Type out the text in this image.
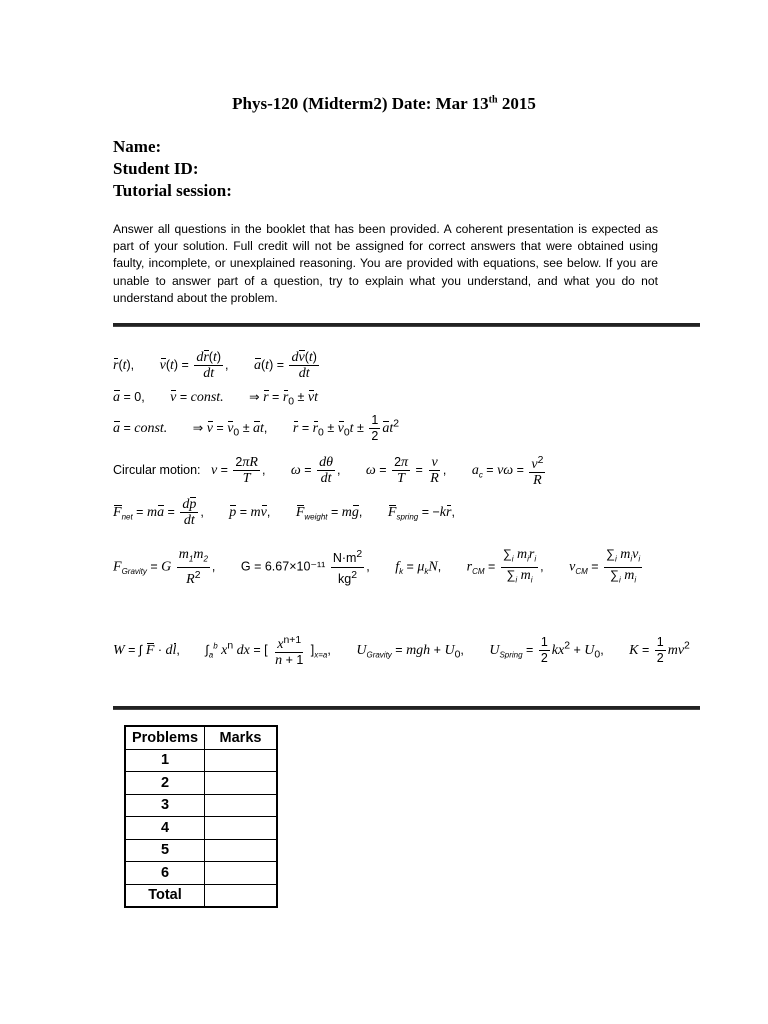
Phys-120 (Midterm2) Date: Mar 13th 2015
Name:
Student ID:
Tutorial session:
Answer all questions in the booklet that has been provided. A coherent presentation is expected as part of your solution. Full credit will not be assigned for correct answers that were obtained using faulty, incomplete, or unexplained reasoning. You are provided with equations, see below. If you are unable to answer part of a question, try to explain what you understand, and what you do not understand about the problem.
r(t), $v(t) = \frac{dr(t)}{dt}$ , $a(t) = \frac{dv(t)}{dt}$
a = 0, v = const. ⇒ $r = r_0$ ± vt
a = const. ⇒ $v = v_0$ ± at, $r = r_0 \pm v_0t \pm \frac{1}{2} at^2$
Circular motion: $v = \frac{2\pi R}{T}$ , $\omega = \frac{d\theta}{dt}$ , $\omega = \frac{2\pi}{T} = \frac{v}{R}$ , $a_c = v\omega = \frac{v^2}{R}$
$F_{net}$ = ma = $\frac{dp}{dt}$ , p = mv, $F_{weight}$ = mg, $F_{spring} = -kr$,
$F_{Gravity} = G \frac{m_1m_2}{R^2}$ , $G = 6.67\times 10^{-11} \frac{N\cdot m^2}{kg^2}$ , $f_k = \mu_kN$, $r_{CM} = \frac{\sum_i m_ir_i}{\sum_i m_i}$ , $v_{CM} = \frac{\sum_i m_iv_i}{\sum_i m_i}$
W = ∫ F · dl, $\int_a^b$ $x^n$ dx = [ $\frac{x^{n+1}}{n + 1} ]_{x=a}$, $U_{Gravity}$ = mgh + $U_0$, $U_{Spring} = \frac{1}{2} kx^2 + U_0$, $K = \frac{1}{2} mv^2$
Problems	Marks
1	
2	
3	
4	
5	
6	
Total	
